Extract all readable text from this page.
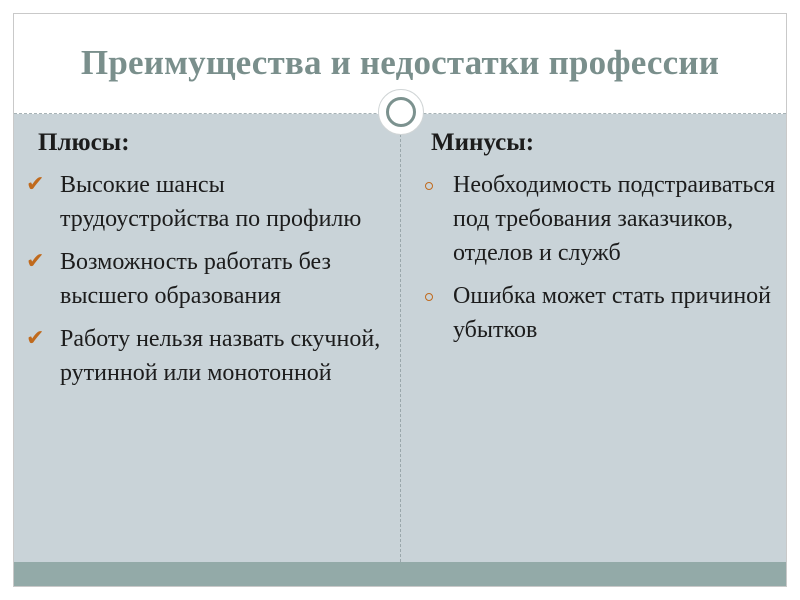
Преимущества и недостатки профессии
Плюсы:
✔ Высокие шансы трудоустройства по профилю
✔ Возможность работать без высшего образования
✔ Работу нельзя назвать скучной, рутинной или монотонной
Минусы:
Необходимость подстраиваться под требования заказчиков, отделов и служб
Ошибка может стать причиной убытков
